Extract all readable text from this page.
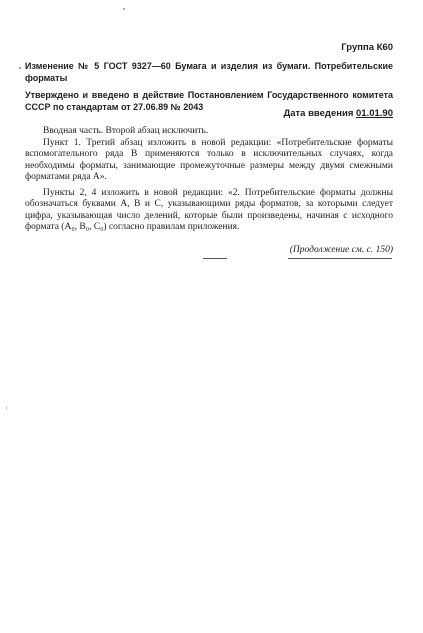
Группа К60
Изменение № 5 ГОСТ 9327—60 Бумага и изделия из бумаги. Потребительские форматы
Утверждено и введено в действие Постановлением Государственного комитета СССР по стандартам от 27.06.89 № 2043
Дата введения 01.01.90

Вводная часть. Второй абзац исключить.

Пункт 1. Третий абзац изложить в новой редакции: «Потребительские форматы вспомогательного ряда В применяются только в исключительных случаях, когда необходимы форматы, занимающие промежуточные размеры между двумя смежными форматами ряда А».

Пункты 2, 4 изложить в новой редакции: «2. Потребительские форматы должны обозначаться буквами А, В и С, указывающими ряды форматов, за которыми следует цифра, указывающая число делений, которые были произведены, начиная с исходного формата (A₀, B₀, C₀) согласно правилам приложения.

(Продолжение см. с. 150)
